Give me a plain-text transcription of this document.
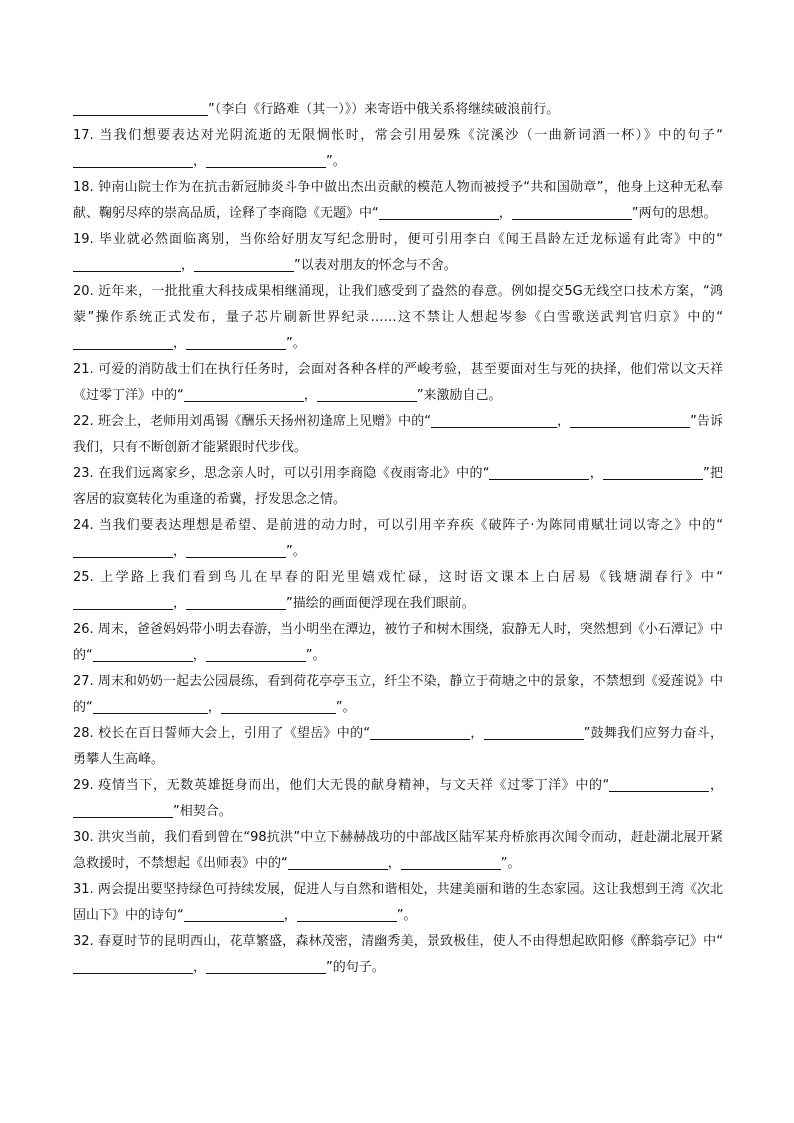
”（李白《行路难（其一）》）来寄语中俄关系将继续破浪前行。

17. 当我们想要表达对光阴流逝的无限惆怅时，常会引用晏殊《浣溪沙（一曲新词酒一杯）》中的句子“，	”。

18. 钟南山院士作为在抗击新冠肺炎斗争中做出杰出贡献的模范人物而被授予“共和国勋章”，他身上这种无私奉献、鞠躬尽瘁的崇高品质，诠释了李商隐《无题》中“	，	”两句的思想。

19. 毕业就必然面临离别，当你给好朋友写纪念册时，便可引用李白《闻王昌龄左迁龙标遥有此寄》中的“，	”以表对朋友的怀念与不舍。

20. 近年来，一批批重大科技成果相继涌现，让我们感受到了盎然的春意。例如提交5G无线空口技术方案，“鸿蒙”操作系统正式发布，量子芯片刷新世界纪录……这不禁让人想起岑参《白雪歌送武判官归京》中的“，	”。

21. 可爱的消防战士们在执行任务时，会面对各种各样的严峻考验，甚至要面对生与死的抉择，他们常以文天祥《过零丁洋》中的“	，	”来激励自己。

22. 班会上，老师用刘禹锡《酬乐天扬州初逢席上见赠》中的“	，	”告诉我们，只有不断创新才能紧跟时代步伐。

23. 在我们远离家乡，思念亲人时，可以引用李商隐《夜雨寄北》中的“	，	”把客居的寂寞转化为重逢的希冀，抒发思念之情。

24. 当我们要表达理想是希望、是前进的动力时，可以引用辛弃疾《破阵子·为陈同甫赋壮词以寄之》中的“，	”。

25. 上学路上我们看到鸟儿在早春的阳光里嬉戏忙碌，这时语文课本上白居易《钱塘湖春行》中“，	”描绘的画面便浮现在我们眼前。

26. 周末，爸爸妈妈带小明去春游，当小明坐在潭边，被竹子和树木围绕，寂静无人时，突然想到《小石潭记》中的“	，	”。

27. 周末和奶奶一起去公园晨练，看到荷花亭亭玉立，纤尘不染，静立于荷塘之中的景象，不禁想到《爱莲说》中的“	，	”。

28. 校长在百日誓师大会上，引用了《望岳》中的“	，	”鼓舞我们应努力奋斗，勇攀人生高峰。

29. 疫情当下，无数英雄挺身而出，他们大无畏的献身精神，与文天祥《过零丁洋》中的“	，”相契合。

30. 洪灾当前，我们看到曾在“98抗洪”中立下赫赫战功的中部战区陆军某舟桥旅再次闻令而动，赶赴湖北展开紧急救援时，不禁想起《出师表》中的“	，	”。

31. 两会提出要坚持绿色可持续发展，促进人与自然和谐相处，共建美丽和谐的生态家园。这让我想到王湾《次北固山下》中的诗句“	，	”。

32. 春夏时节的昆明西山，花草繁盛，森林茂密，清幽秀美，景致极佳，使人不由得想起欧阳修《醉翁亭记》中“，	”的句子。
